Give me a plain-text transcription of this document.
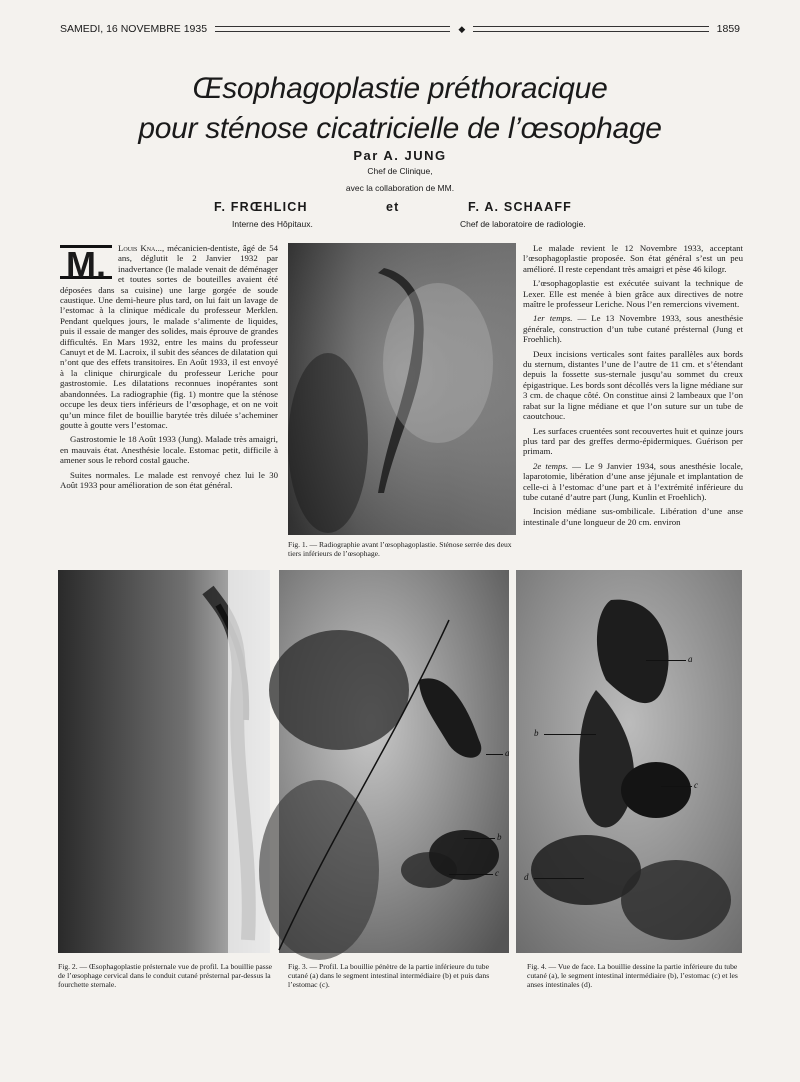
SAMEDI, 16 NOVEMBRE 1935	◆	1859
Œsophagoplastie préthoracique
pour sténose cicatricielle de l’œsophage
Par A. JUNG
Chef de Clinique,
avec la collaboration de MM.
F. FRŒHLICH	et	F. A. SCHAAFF
Interne des Hôpitaux.	Chef de laboratoire de radiologie.
M.	Louis Kna..., mécanicien-dentiste, âgé de 54 ans, déglutit le 2 Janvier 1932 par inadvertance (le malade venait de déménager et toutes sortes de bouteilles avaient été déposées dans sa cuisine) une large gorgée de soude caustique. Une demi-heure plus tard, on lui fait un lavage de l’estomac à la clinique médicale du professeur Merklen. Pendant quelques jours, le malade s’alimente de liquides, puis il essaie de manger des solides, mais éprouve de grandes difficultés. En Mars 1932, entre les mains du professeur Canuyt et de M. Lacroix, il subit des séances de dilatation qui n’ont que des effets transitoires. En Août 1933, il est envoyé à la clinique chirurgicale du professeur Leriche pour gastrostomie. Les dilatations reconnues inopérantes sont abandonnées. La radiographie (fig. 1) montre que la sténose occupe les deux tiers inférieurs de l’œsophage, et on ne voit qu’un mince filet de bouillie barytée très diluée s’acheminer goutte à goutte vers l’estomac.

Gastrostomie le 18 Août 1933 (Jung). Malade très amaigri, en mauvais état. Anesthésie locale. Estomac petit, difficile à amener sous le rebord costal gauche.

Suites normales. Le malade est renvoyé chez lui le 30 Août 1933 pour amélioration de son état général.

Fig. 1. — Radiographie avant l’œsophagoplastie. Sténose serrée des deux tiers inférieurs de l’œsophage.

Le malade revient le 12 Novembre 1933, acceptant l’œsophagoplastie proposée. Son état général s’est un peu amélioré. Il reste cependant très amaigri et pèse 46 kilogr.

L’œsophagoplastie est exécutée suivant la technique de Lexer. Elle est menée à bien grâce aux directives de notre maître le professeur Leriche. Nous l’en remercions vivement.

1er temps. — Le 13 Novembre 1933, sous anesthésie générale, construction d’un tube cutané présternal (Jung et Froehlich).

Deux incisions verticales sont faites parallèles aux bords du sternum, distantes l’une de l’autre de 11 cm. et s’étendant depuis la fossette sus-sternale jusqu’au sommet du creux épigastrique. Les bords sont décollés vers la ligne médiane sur 3 cm. de chaque côté. On constitue ainsi 2 lambeaux que l’on rabat sur la ligne médiane et que l’on suture sur un tube de caoutchouc.

Les surfaces cruentées sont recouvertes huit et quinze jours plus tard par des greffes dermo-épidermiques. Guérison per primam.

2e temps. — Le 9 Janvier 1934, sous anesthésie locale, laparotomie, libération d’une anse jéjunale et implantation de celle-ci à l’estomac d’une part et à l’extrémité inférieure du tube cutané d’autre part (Jung, Kunlin et Froehlich).

Incision médiane sus-ombilicale. Libération d’une anse intestinale d’une longueur de 20 cm. environ

a
b
c
a
b
c
d
Fig. 2. — Œsophagoplastie présternale vue de profil. La bouillie passe de l’œsophage cervical dans le conduit cutané présternal par-dessus la fourchette sternale.
Fig. 3. — Profil. La bouillie pénètre de la partie inférieure du tube cutané (a) dans le segment intestinal intermédiaire (b) et puis dans l’estomac (c).
Fig. 4. — Vue de face. La bouillie dessine la partie inférieure du tube cutané (a), le segment intestinal intermédiaire (b), l’estomac (c) et les anses intestinales (d).
